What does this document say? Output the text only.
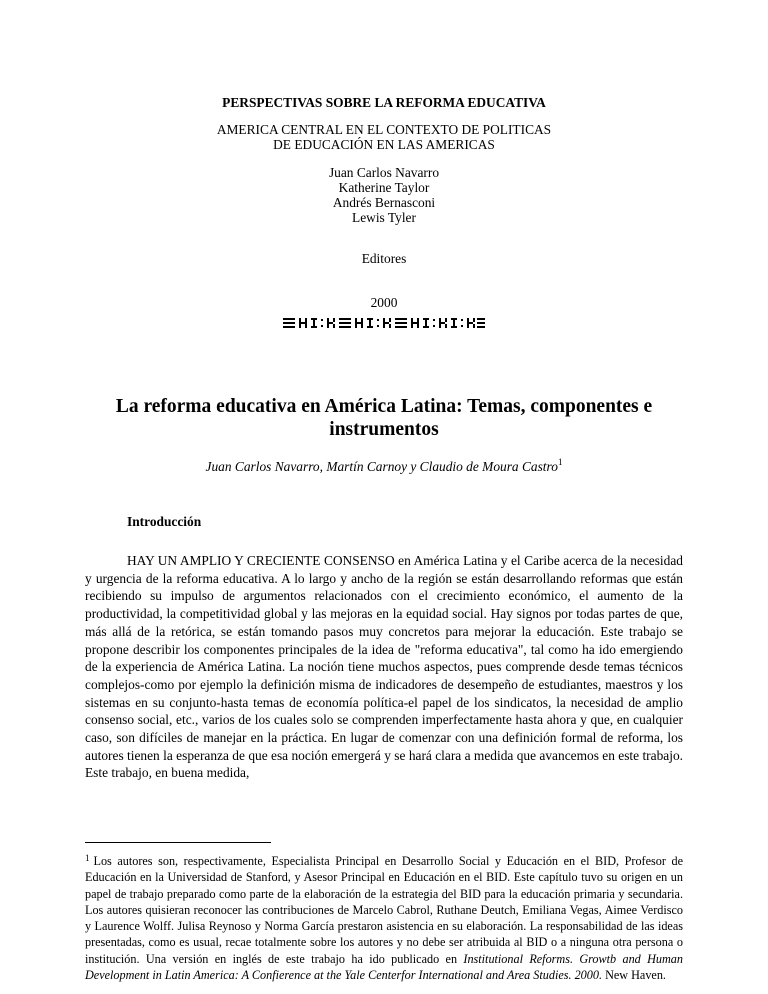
PERSPECTIVAS SOBRE LA REFORMA EDUCATIVA
AMERICA CENTRAL EN EL CONTEXTO DE POLITICAS
DE EDUCACIÓN EN LAS AMERICAS
Juan Carlos Navarro
Katherine Taylor
Andrés Bernasconi
Lewis Tyler
Editores
2000
La reforma educativa en América Latina: Temas, componentes e
instrumentos
Juan Carlos Navarro, Martín Carnoy y Claudio de Moura Castro$^1$
Introducción
HAY UN AMPLIO Y CRECIENTE CONSENSO en América Latina y el Caribe acerca de la necesidad y urgencia de la reforma educativa. A lo largo y ancho de la región se están desarrollando reformas que están recibiendo su impulso de argumentos relacionados con el crecimiento económico, el aumento de la productividad, la competitividad global y las mejoras en la equidad social. Hay signos por todas partes de que, más allá de la retórica, se están tomando pasos muy concretos para mejorar la educación. Este trabajo se propone describir los componentes principales de la idea de "reforma educativa", tal como ha ido emergiendo de la experiencia de América Latina. La noción tiene muchos aspectos, pues comprende desde temas técnicos complejos-como por ejemplo la definición misma de indicadores de desempeño de estudiantes, maestros y los sistemas en su conjunto-hasta temas de economía política-el papel de los sindicatos, la necesidad de amplio consenso social, etc., varios de los cuales solo se comprenden imperfectamente hasta ahora y que, en cualquier caso, son difíciles de manejar en la práctica. En lugar de comenzar con una definición formal de reforma, los autores tienen la esperanza de que esa noción emergerá y se hará clara a medida que avancemos en este trabajo. Este trabajo, en buena medida,
$^1$ Los autores son, respectivamente, Especialista Principal en Desarrollo Social y Educación en el BID, Profesor de Educación en la Universidad de Stanford, y Asesor Principal en Educación en el BID. Este capítulo tuvo su origen en un papel de trabajo preparado como parte de la elaboración de la estrategia del BID para la educación primaria y secundaria. Los autores quisieran reconocer las contribuciones de Marcelo Cabrol, Ruthane Deutch, Emiliana Vegas, Aimee Verdisco y Laurence Wolff. Julisa Reynoso y Norma García prestaron asistencia en su elaboración. La responsabilidad de las ideas presentadas, como es usual, recae totalmente sobre los autores y no debe ser atribuida al BID o a ninguna otra persona o institución. Una versión en inglés de este trabajo ha ido publicado en Institutional Reforms. Growtb and Human Development in Latin America: A Confierence at the Yale Centerfor International and Area Studies. 2000. New Haven.
